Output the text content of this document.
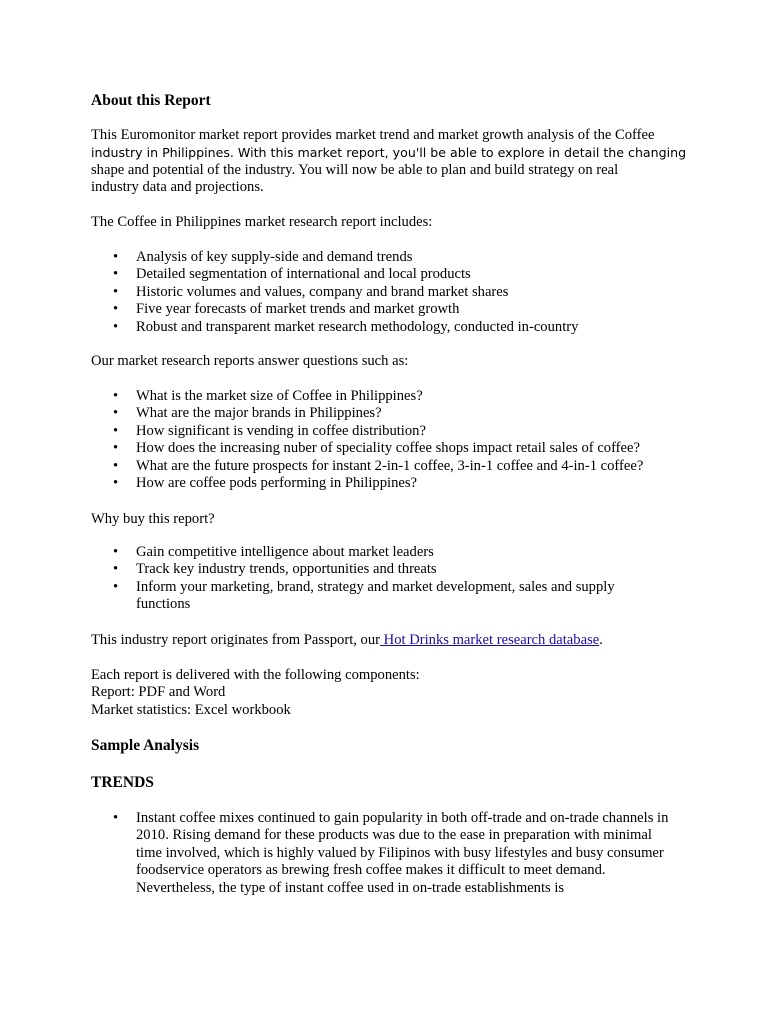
About this Report
This Euromonitor market report provides market trend and market growth analysis of the Coffee
industry in Philippines. With this market report, you'll be able to explore in detail the changing
shape and potential of the industry. You will now be able to plan and build strategy on real
industry data and projections.

The Coffee in Philippines market research report includes:

• Analysis of key supply-side and demand trends
• Detailed segmentation of international and local products
• Historic volumes and values, company and brand market shares
• Five year forecasts of market trends and market growth
• Robust and transparent market research methodology, conducted in-country

Our market research reports answer questions such as:

• What is the market size of Coffee in Philippines?
• What are the major brands in Philippines?
• How significant is vending in coffee distribution?
• How does the increasing nuber of speciality coffee shops impact retail sales of coffee?
• What are the future prospects for instant 2-in-1 coffee, 3-in-1 coffee and 4-in-1 coffee?
• How are coffee pods performing in Philippines?

Why buy this report?

• Gain competitive intelligence about market leaders
• Track key industry trends, opportunities and threats
• Inform your marketing, brand, strategy and market development, sales and supply functions

This industry report originates from Passport, our Hot Drinks market research database.

Each report is delivered with the following components:
Report: PDF and Word
Market statistics: Excel workbook
Sample Analysis
TRENDS
• Instant coffee mixes continued to gain popularity in both off-trade and on-trade channels in 2010. Rising demand for these products was due to the ease in preparation with minimal time involved, which is highly valued by Filipinos with busy lifestyles and busy consumer foodservice operators as brewing fresh coffee makes it difficult to meet demand. Nevertheless, the type of instant coffee used in on-trade establishments is
